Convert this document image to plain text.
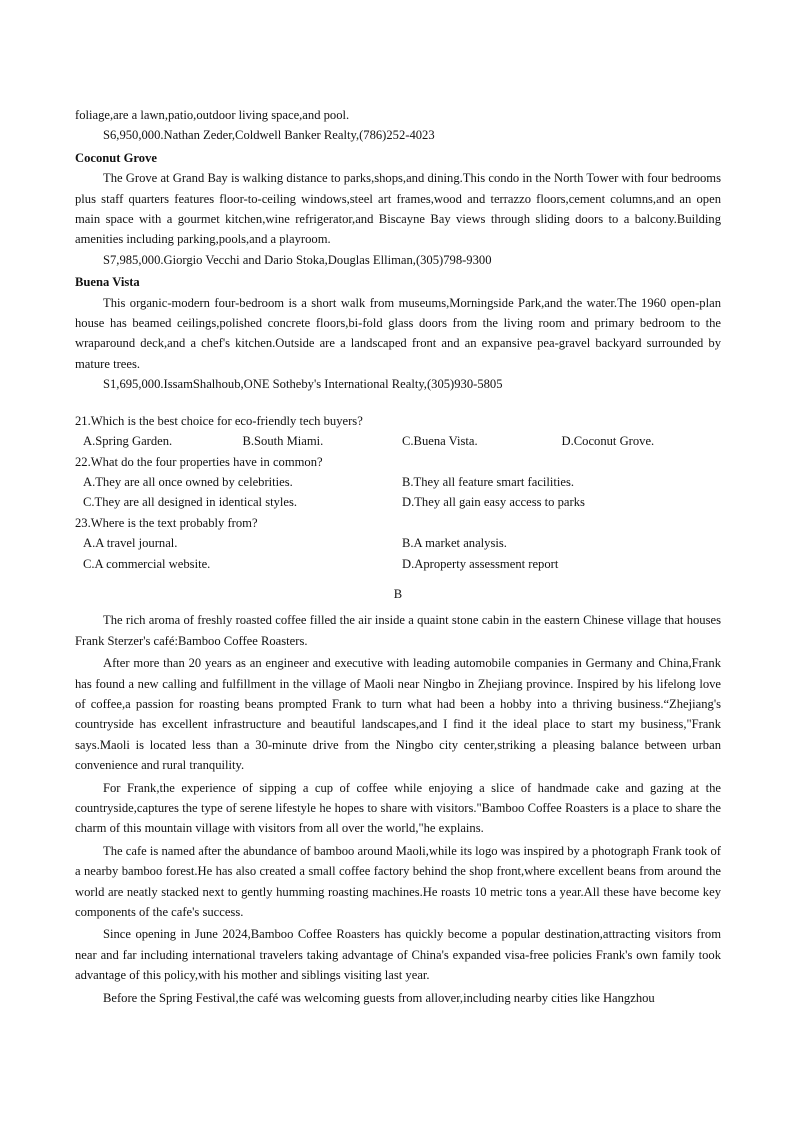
foliage,are a lawn,patio,outdoor living space,and pool.

S6,950,000.Nathan Zeder,Coldwell Banker Realty,(786)252-4023

Coconut Grove

The Grove at Grand Bay is walking distance to parks,shops,and dining.This condo in the North Tower with four bedrooms plus staff quarters features floor-to-ceiling windows,steel art frames,wood and terrazzo floors,cement columns,and an open main space with a gourmet kitchen,wine refrigerator,and Biscayne Bay views through sliding doors to a balcony.Building amenities including parking,pools,and a playroom.

S7,985,000.Giorgio Vecchi and Dario Stoka,Douglas Elliman,(305)798-9300

Buena Vista

This organic-modern four-bedroom is a short walk from museums,Morningside Park,and the water.The 1960 open-plan house has beamed ceilings,polished concrete floors,bi-fold glass doors from the living room and primary bedroom to the wraparound deck,and a chef's kitchen.Outside are a landscaped front and an expansive pea-gravel backyard surrounded by mature trees.

S1,695,000.IssamShalhoub,ONE Sotheby's International Realty,(305)930-5805

21.Which is the best choice for eco-friendly tech buyers?

A.Spring Garden.	B.South Miami.	C.Buena Vista.	D.Coconut Grove.

22.What do the four properties have in common?

A.They are all once owned by celebrities.	B.They all feature smart facilities.
C.They are all designed in identical styles.	D.They all gain easy access to parks

23.Where is the text probably from?

A.A travel journal.	B.A market analysis.
C.A commercial website.	D.Aproperty assessment report

B

The rich aroma of freshly roasted coffee filled the air inside a quaint stone cabin in the eastern Chinese village that houses Frank Sterzer's café:Bamboo Coffee Roasters.

After more than 20 years as an engineer and executive with leading automobile companies in Germany and China,Frank has found a new calling and fulfillment in the village of Maoli near Ningbo in Zhejiang province. Inspired by his lifelong love of coffee,a passion for roasting beans prompted Frank to turn what had been a hobby into a thriving business.“Zhejiang's countryside has excellent infrastructure and beautiful landscapes,and I find it the ideal place to start my business,"Frank says.Maoli is located less than a 30-minute drive from the Ningbo city center,striking a pleasing balance between urban convenience and rural tranquility.

For Frank,the experience of sipping a cup of coffee while enjoying a slice of handmade cake and gazing at the countryside,captures the type of serene lifestyle he hopes to share with visitors."Bamboo Coffee Roasters is a place to share the charm of this mountain village with visitors from all over the world,"he explains.

The cafe is named after the abundance of bamboo around Maoli,while its logo was inspired by a photograph Frank took of a nearby bamboo forest.He has also created a small coffee factory behind the shop front,where excellent beans from around the world are neatly stacked next to gently humming roasting machines.He roasts 10 metric tons a year.All these have become key components of the cafe's success.

Since opening in June 2024,Bamboo Coffee Roasters has quickly become a popular destination,attracting visitors from near and far including international travelers taking advantage of China's expanded visa-free policies Frank's own family took advantage of this policy,with his mother and siblings visiting last year.

Before the Spring Festival,the café was welcoming guests from allover,including nearby cities like Hangzhou
